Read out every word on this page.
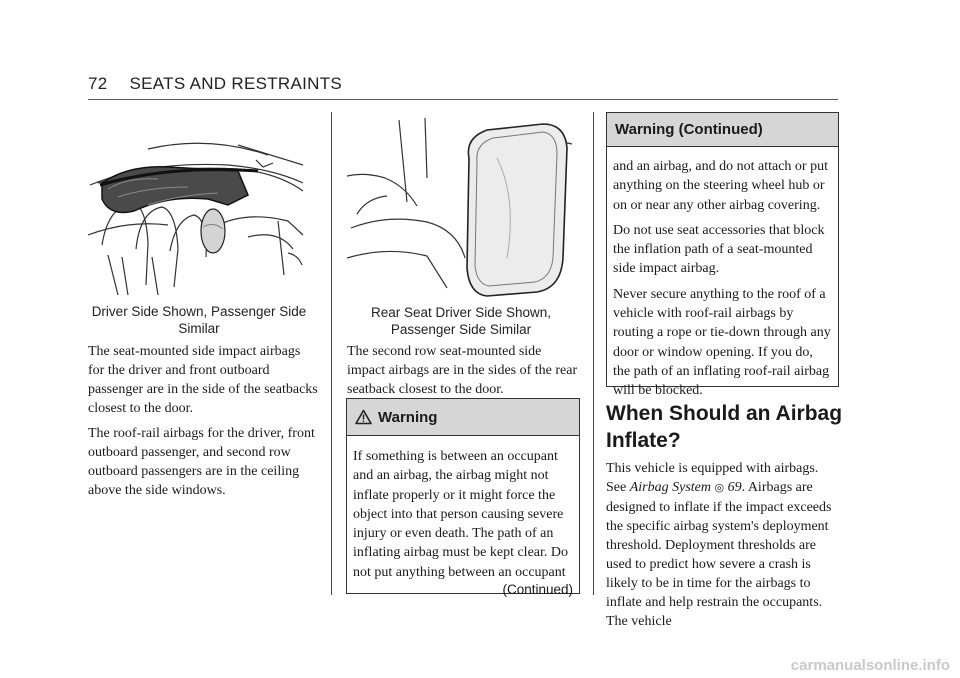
72 SEATS AND RESTRAINTS
Driver Side Shown, Passenger Side
Similar

The seat-mounted side impact airbags for the driver and front outboard passenger are in the side of the seatbacks closest to the door.

The roof-rail airbags for the driver, front outboard passenger, and second row outboard passengers are in the ceiling above the side windows.

Rear Seat Driver Side Shown,
Passenger Side Similar

The second row seat-mounted side impact airbags are in the sides of the rear seatback closest to the door.

Warning
If something is between an occupant and an airbag, the airbag might not inflate properly or it might force the object into that person causing severe injury or even death. The path of an inflating airbag must be kept clear. Do not put anything between an occupant
(Continued)
Warning (Continued)

and an airbag, and do not attach or put anything on the steering wheel hub or on or near any other airbag covering.

Do not use seat accessories that block the inflation path of a seat-mounted side impact airbag.

Never secure anything to the roof of a vehicle with roof-rail airbags by routing a rope or tie-down through any door or window opening. If you do, the path of an inflating roof-rail airbag will be blocked.

When Should an Airbag
Inflate?

This vehicle is equipped with airbags. See Airbag System ◎ 69. Airbags are designed to inflate if the impact exceeds the specific airbag system's deployment threshold. Deployment thresholds are used to predict how severe a crash is likely to be in time for the airbags to inflate and help restrain the occupants. The vehicle

carmanualsonline.info
